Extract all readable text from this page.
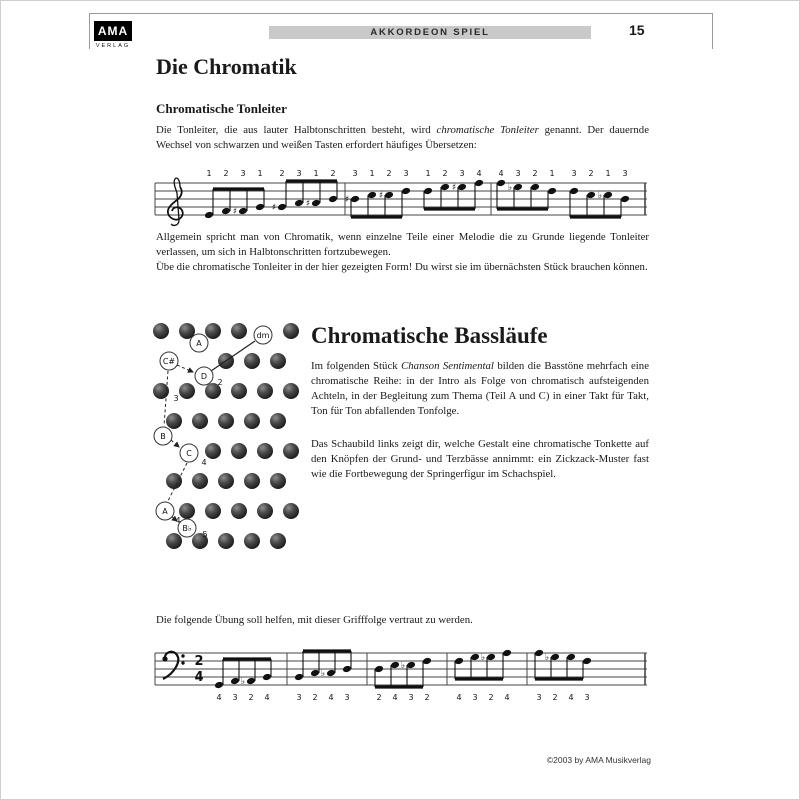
AMA
VERLAG
AKKORDEON SPIEL	15
Die Chromatik
Chromatische Tonleiter
Die Tonleiter, die aus lauter Halbtonschritten besteht, wird chromatische Tonleiter genannt. Der dauernde Wechsel von schwarzen und weißen Tasten erfordert häufiges Übersetzen:
1 2
♯
3 1
♯
2 3
♯
1 2
♯
3 1
♯
2 3 1 2
♯
3 4 4
♭
3 2 1 3 2
♭
1 3
Allgemein spricht man von Chromatik, wenn einzelne Teile einer Melodie die zu Grunde liegende Tonleiter verlassen, um sich in Halbtonschritten fortzubewegen.
Übe die chromatische Tonleiter in der hier gezeigten Form! Du wirst sie im übernächsten Stück brauchen können.
A
dm
C#
D
B
C
A
B♭
2
3
4
4
5
Chromatische Bassläufe
Im folgenden Stück Chanson Sentimental bilden die Basstöne mehrfach eine chromatische Reihe: in der Intro als Folge von chromatisch aufsteigenden Achteln, in der Begleitung zum Thema (Teil A und C) in einer Takt für Takt, Ton für Ton abfallenden Tonfolge.
Das Schaubild links zeigt dir, welche Gestalt eine chromatische Tonkette auf den Knöpfen der Grund- und Terzbässe annimmt: ein Zickzack-Muster fast wie die Fortbewegung der Springerfigur im Schachspiel.
Die folgende Übung soll helfen, mit dieser Grifffolge vertraut zu werden.
2
4
4 3
♭
2 4	3 2
♭
4 3	2 4
♭
3 2	4 3
♭
2 4	3
♭
2 4 3
©2003 by AMA Musikverlag
